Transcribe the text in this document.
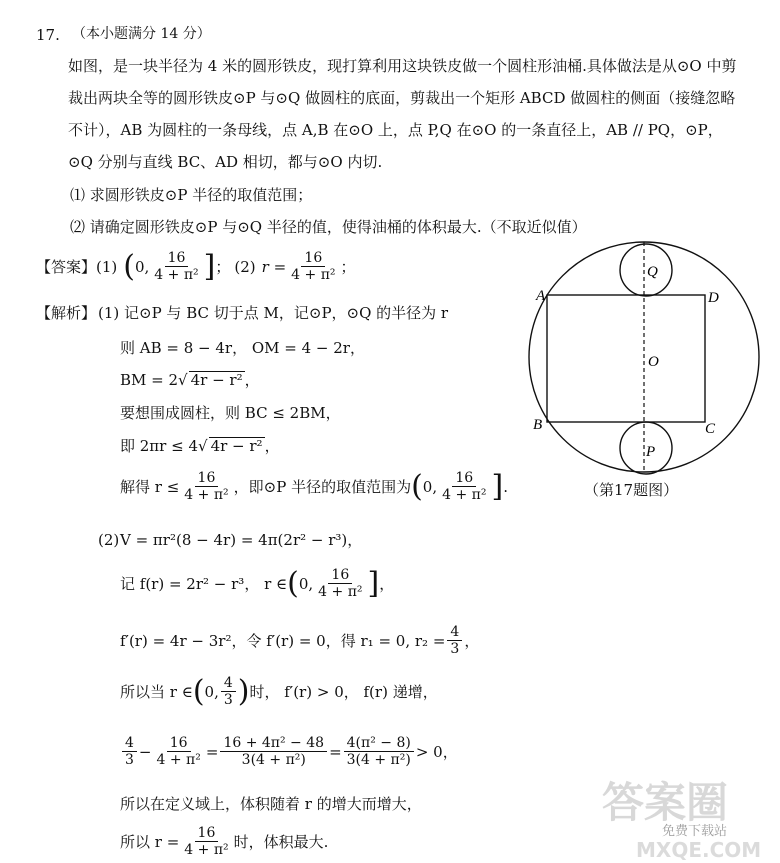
17. （本小题满分 14 分）
如图，是一块半径为 4 米的圆形铁皮，现打算利用这块铁皮做一个圆柱形油桶.具体做法是从⊙O 中剪
裁出两块全等的圆形铁皮⊙P 与⊙Q 做圆柱的底面，剪裁出一个矩形 ABCD 做圆柱的侧面（接缝忽略
不计），AB 为圆柱的一条母线，点 A,B 在⊙O 上，点 P,Q 在⊙O 的一条直径上，AB // PQ，⊙P，
⊙Q 分别与直线 BC、AD 相切，都与⊙O 内切.
⑴ 求圆形铁皮⊙P 半径的取值范围；
⑵ 请确定圆形铁皮⊙P 与⊙Q 半径的值，使得油桶的体积最大.（不取近似值）
【答案】 (1) ( 0, $\frac{16}{\text{4 + π²}}$ ] ； (2) $r = \frac{16}{\text{4 + π²}}$ ；
【解析】 (1) 记⊙P 与 BC 切于点 M，记⊙P，⊙Q 的半径为 r
则 AB = 8 − 4r， OM = 4 − 2r，
BM = 2√ 4r − r² ，
要想围成圆柱，则 BC ≤ 2BM，
即 2πr ≤ 4√ 4r − r² ，
解得 $r \le \frac{16}{\text{4 + π²}}$ ，即⊙P 半径的取值范围为 ( 0, $\frac{16}{\text{4 + π²}}$ ] .
(2) V = πr²(8 − 4r) = 4π(2r² − r³)，
记 f(r) = 2r² − r³， r ∈ ( 0, $\frac{16}{\text{4 + π²}}$ ] ，
f′(r) = 4r − 3r²，令 f′(r) = 0，得 r₁ = 0, $r_2 = \frac{4}{3}$ ，
所以当 r ∈ ( 0, $\frac{4}{3}$ ) 时， f′(r) > 0， f(r) 递增，
$\frac{4}{3} - \frac{16}{\text{4 + π²}} = \frac{\text{16 + 4π² − 48}}{\text{3(4 + π²)}} = \frac{\text{4(π² − 8)}}{\text{3(4 + π²)}} > 0$，
所以在定义域上，体积随着 r 的增大而增大，
所以 $r = \frac{16}{\text{4 + π²}}$ 时，体积最大.
A	D
B	C
O
Q
P
（第17题图）
答案圈
免费下载站
MXQE.COM
